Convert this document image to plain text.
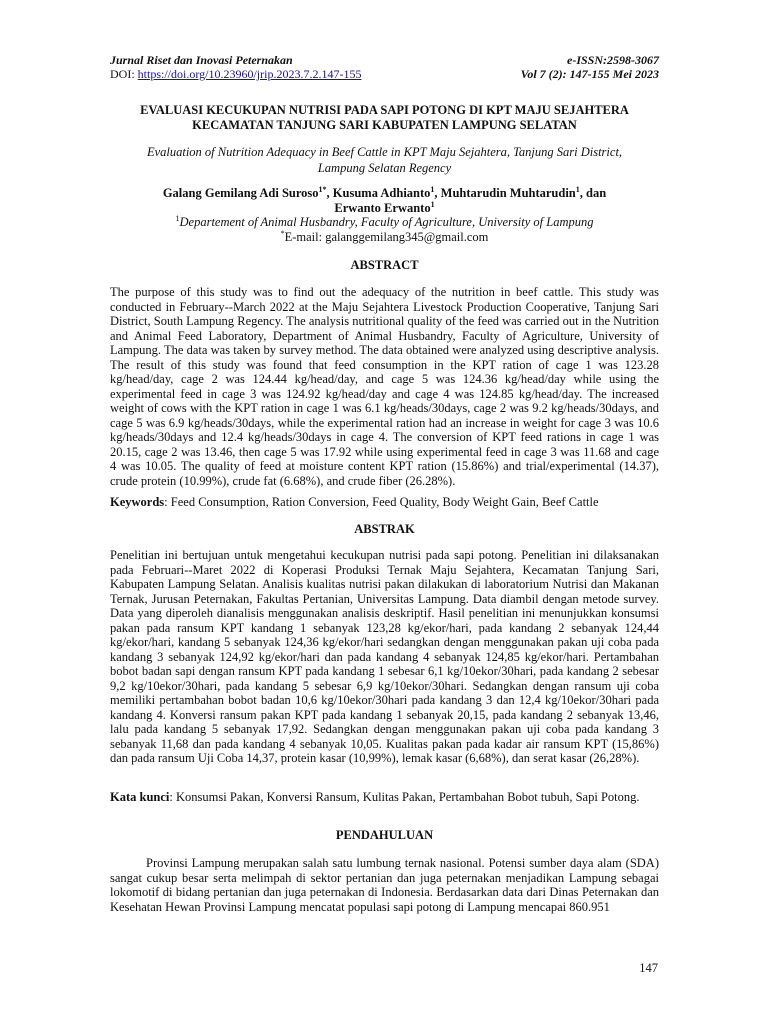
Jurnal Riset dan Inovasi Peternakan	e-ISSN:2598-3067
DOI: https://doi.org/10.23960/jrip.2023.7.2.147-155	Vol 7 (2): 147-155 Mei 2023
EVALUASI KECUKUPAN NUTRISI PADA SAPI POTONG DI KPT MAJU SEJAHTERA
KECAMATAN TANJUNG SARI KABUPATEN LAMPUNG SELATAN
Evaluation of Nutrition Adequacy in Beef Cattle in KPT Maju Sejahtera, Tanjung Sari District,
Lampung Selatan Regency
Galang Gemilang Adi Suroso$^{1*}$, Kusuma Adhianto$^1$, Muhtarudin Muhtarudin$^1$, dan
Erwanto Erwanto$^1$
$^1$Departement of Animal Husbandry, Faculty of Agriculture, University of Lampung
*E-mail: galanggemilang345@gmail.com
ABSTRACT
The purpose of this study was to find out the adequacy of the nutrition in beef cattle. This study was conducted in February--March 2022 at the Maju Sejahtera Livestock Production Cooperative, Tanjung Sari District, South Lampung Regency. The analysis nutritional quality of the feed was carried out in the Nutrition and Animal Feed Laboratory, Department of Animal Husbandry, Faculty of Agriculture, University of Lampung. The data was taken by survey method. The data obtained were analyzed using descriptive analysis. The result of this study was found that feed consumption in the KPT ration of cage 1 was 123.28 kg/head/day, cage 2 was 124.44 kg/head/day, and cage 5 was 124.36 kg/head/day while using the experimental feed in cage 3 was 124.92 kg/head/day and cage 4 was 124.85 kg/head/day. The increased weight of cows with the KPT ration in cage 1 was 6.1 kg/heads/30days, cage 2 was 9.2 kg/heads/30days, and cage 5 was 6.9 kg/heads/30days, while the experimental ration had an increase in weight for cage 3 was 10.6 kg/heads/30days and 12.4 kg/heads/30days in cage 4. The conversion of KPT feed rations in cage 1 was 20.15, cage 2 was 13.46, then cage 5 was 17.92 while using experimental feed in cage 3 was 11.68 and cage 4 was 10.05. The quality of feed at moisture content KPT ration (15.86%) and trial/experimental (14.37), crude protein (10.99%), crude fat (6.68%), and crude fiber (26.28%).
Keywords: Feed Consumption, Ration Conversion, Feed Quality, Body Weight Gain, Beef Cattle
ABSTRAK
Penelitian ini bertujuan untuk mengetahui kecukupan nutrisi pada sapi potong. Penelitian ini dilaksanakan pada Februari--Maret 2022 di Koperasi Produksi Ternak Maju Sejahtera, Kecamatan Tanjung Sari, Kabupaten Lampung Selatan. Analisis kualitas nutrisi pakan dilakukan di laboratorium Nutrisi dan Makanan Ternak, Jurusan Peternakan, Fakultas Pertanian, Universitas Lampung. Data diambil dengan metode survey. Data yang diperoleh dianalisis menggunakan analisis deskriptif. Hasil penelitian ini menunjukkan konsumsi pakan pada ransum KPT kandang 1 sebanyak 123,28 kg/ekor/hari, pada kandang 2 sebanyak 124,44 kg/ekor/hari, kandang 5 sebanyak 124,36 kg/ekor/hari sedangkan dengan menggunakan pakan uji coba pada kandang 3 sebanyak 124,92 kg/ekor/hari dan pada kandang 4 sebanyak 124,85 kg/ekor/hari. Pertambahan bobot badan sapi dengan ransum KPT pada kandang 1 sebesar 6,1 kg/10ekor/30hari, pada kandang 2 sebesar 9,2 kg/10ekor/30hari, pada kandang 5 sebesar 6,9 kg/10ekor/30hari. Sedangkan dengan ransum uji coba memiliki pertambahan bobot badan 10,6 kg/10ekor/30hari pada kandang 3 dan 12,4 kg/10ekor/30hari pada kandang 4. Konversi ransum pakan KPT pada kandang 1 sebanyak 20,15, pada kandang 2 sebanyak 13,46, lalu pada kandang 5 sebanyak 17,92. Sedangkan dengan menggunakan pakan uji coba pada kandang 3 sebanyak 11,68 dan pada kandang 4 sebanyak 10,05. Kualitas pakan pada kadar air ransum KPT (15,86%) dan pada ransum Uji Coba 14,37, protein kasar (10,99%), lemak kasar (6,68%), dan serat kasar (26,28%).
Kata kunci: Konsumsi Pakan, Konversi Ransum, Kulitas Pakan, Pertambahan Bobot tubuh, Sapi Potong.
PENDAHULUAN
Provinsi Lampung merupakan salah satu lumbung ternak nasional. Potensi sumber daya alam (SDA) sangat cukup besar serta melimpah di sektor pertanian dan juga peternakan menjadikan Lampung sebagai lokomotif di bidang pertanian dan juga peternakan di Indonesia. Berdasarkan data dari Dinas Peternakan dan Kesehatan Hewan Provinsi Lampung mencatat populasi sapi potong di Lampung mencapai 860.951
147
